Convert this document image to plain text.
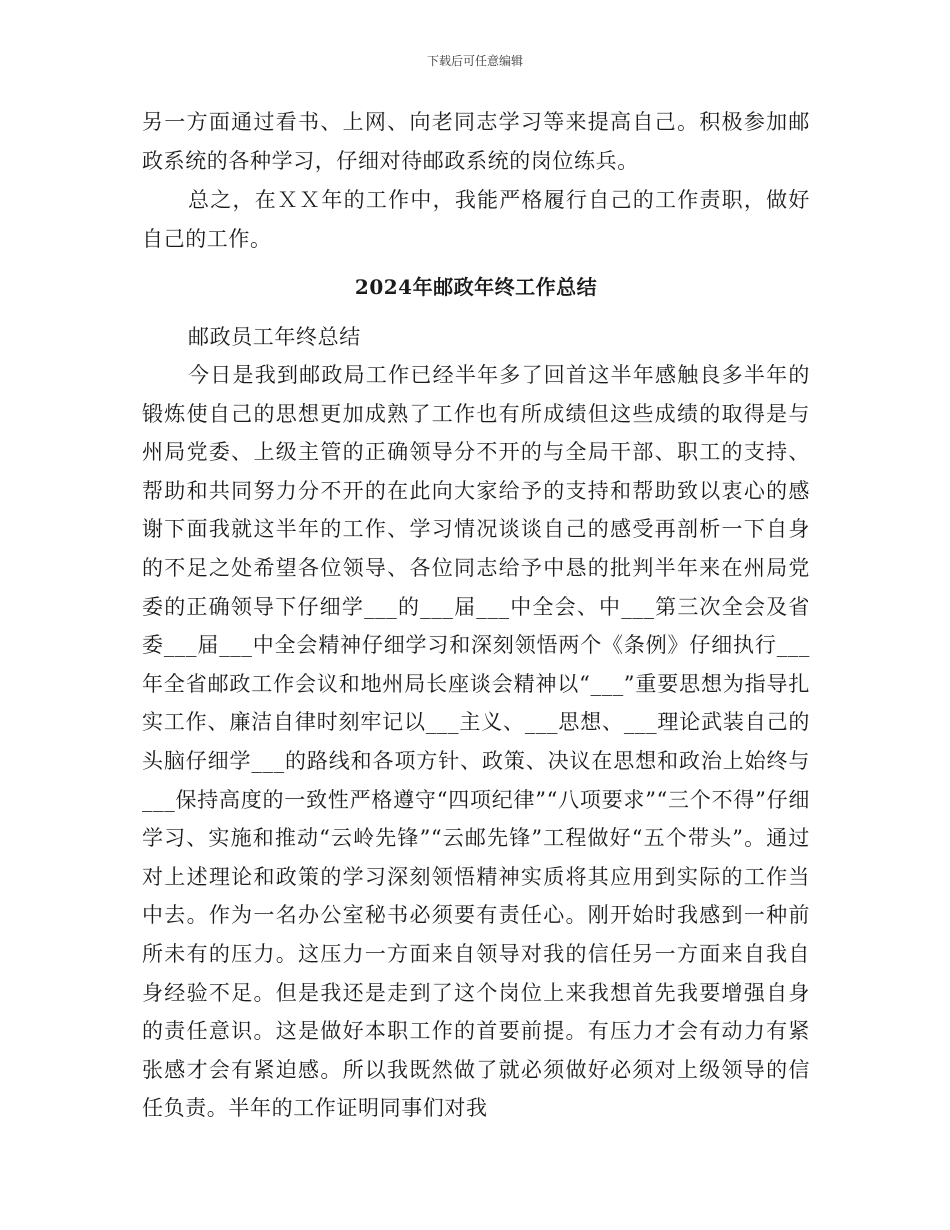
下载后可任意编辑
另一方面通过看书、上网、向老同志学习等来提高自己。积极参加邮政系统的各种学习，仔细对待邮政系统的岗位练兵。
总之，在ＸＸ年的工作中，我能严格履行自己的工作责职，做好自己的工作。
2024年邮政年终工作总结
邮政员工年终总结
今日是我到邮政局工作已经半年多了回首这半年感触良多半年的锻炼使自己的思想更加成熟了工作也有所成绩但这些成绩的取得是与州局党委、上级主管的正确领导分不开的与全局干部、职工的支持、帮助和共同努力分不开的在此向大家给予的支持和帮助致以衷心的感谢下面我就这半年的工作、学习情况谈谈自己的感受再剖析一下自身的不足之处希望各位领导、各位同志给予中恳的批判半年来在州局党委的正确领导下仔细学___的___届___中全会、中___第三次全会及省委___届___中全会精神仔细学习和深刻领悟两个《条例》仔细执行___年全省邮政工作会议和地州局长座谈会精神以“___”重要思想为指导扎实工作、廉洁自律时刻牢记以___主义、___思想、___理论武装自己的头脑仔细学___的路线和各项方针、政策、决议在思想和政治上始终与___保持高度的一致性严格遵守“四项纪律”“八项要求”“三个不得”仔细学习、实施和推动“云岭先锋”“云邮先锋”工程做好“五个带头”。通过对上述理论和政策的学习深刻领悟精神实质将其应用到实际的工作当中去。作为一名办公室秘书必须要有责任心。刚开始时我感到一种前所未有的压力。这压力一方面来自领导对我的信任另一方面来自我自身经验不足。但是我还是走到了这个岗位上来我想首先我要增强自身的责任意识。这是做好本职工作的首要前提。有压力才会有动力有紧张感才会有紧迫感。所以我既然做了就必须做好必须对上级领导的信任负责。半年的工作证明同事们对我
